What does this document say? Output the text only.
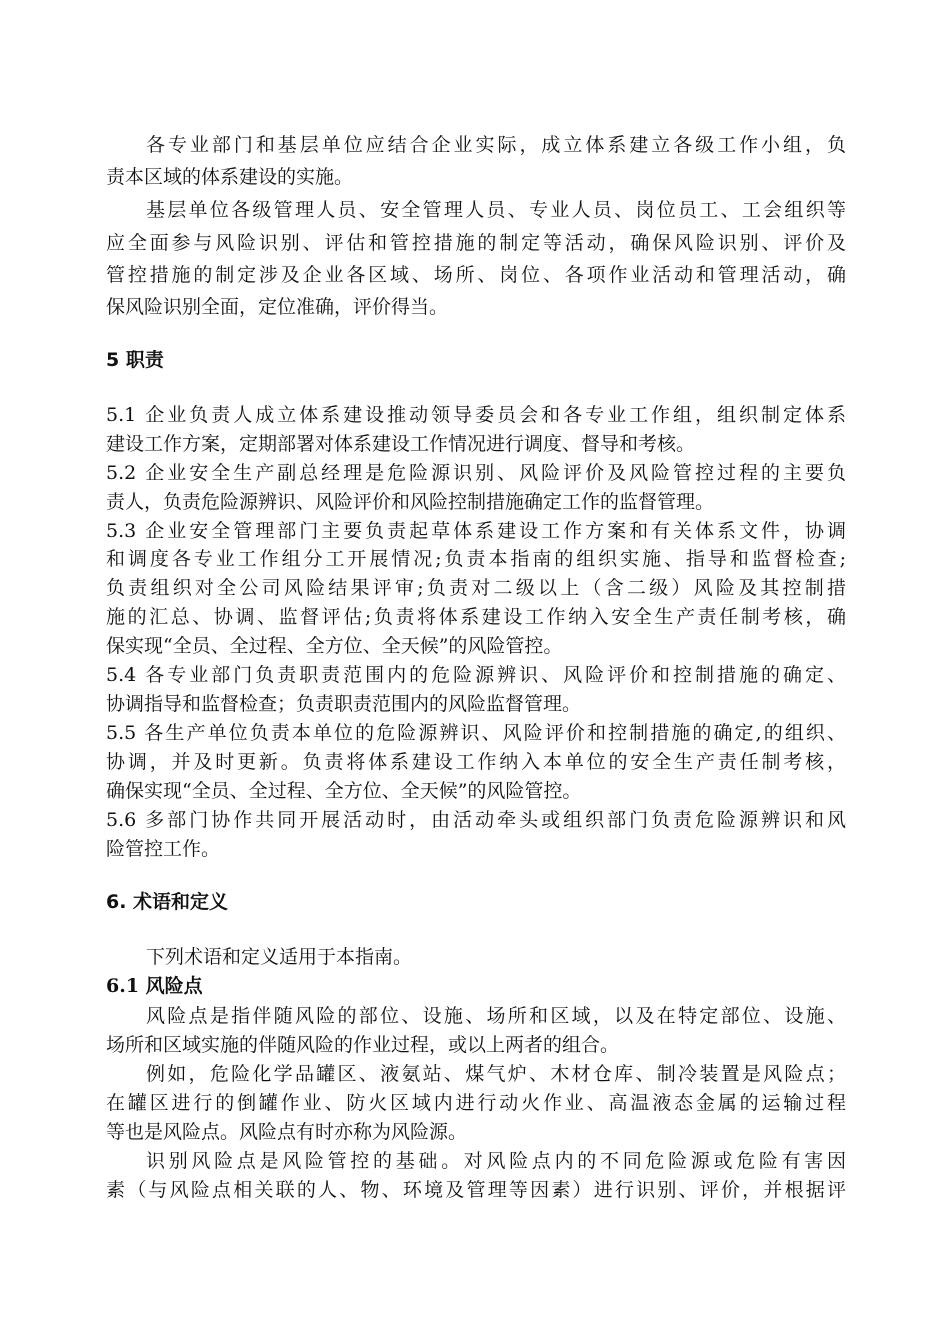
各专业部门和基层单位应结合企业实际，成立体系建立各级工作小组，负
责本区域的体系建设的实施。
基层单位各级管理人员、安全管理人员、专业人员、岗位员工、工会组织等
应全面参与风险识别、评估和管控措施的制定等活动，确保风险识别、评价及
管控措施的制定涉及企业各区域、场所、岗位、各项作业活动和管理活动，确
保风险识别全面，定位准确，评价得当。
5 职责
5.1 企业负责人成立体系建设推动领导委员会和各专业工作组，组织制定体系
建设工作方案，定期部署对体系建设工作情况进行调度、督导和考核。
5.2 企业安全生产副总经理是危险源识别、风险评价及风险管控过程的主要负
责人，负责危险源辨识、风险评价和风险控制措施确定工作的监督管理。
5.3 企业安全管理部门主要负责起草体系建设工作方案和有关体系文件，协调
和调度各专业工作组分工开展情况;负责本指南的组织实施、指导和监督检查;
负责组织对全公司风险结果评审;负责对二级以上（含二级）风险及其控制措
施的汇总、协调、监督评估;负责将体系建设工作纳入安全生产责任制考核，确
保实现“全员、全过程、全方位、全天候”的风险管控。
5.4 各专业部门负责职责范围内的危险源辨识、风险评价和控制措施的确定、
协调指导和监督检查；负责职责范围内的风险监督管理。
5.5 各生产单位负责本单位的危险源辨识、风险评价和控制措施的确定,的组织、
协调，并及时更新。负责将体系建设工作纳入本单位的安全生产责任制考核，
确保实现“全员、全过程、全方位、全天候”的风险管控。
5.6 多部门协作共同开展活动时，由活动牵头或组织部门负责危险源辨识和风
险管控工作。
6. 术语和定义
下列术语和定义适用于本指南。
6.1 风险点
风险点是指伴随风险的部位、设施、场所和区域，以及在特定部位、设施、
场所和区域实施的伴随风险的作业过程，或以上两者的组合。
例如，危险化学品罐区、液氨站、煤气炉、木材仓库、制冷装置是风险点；
在罐区进行的倒罐作业、防火区域内进行动火作业、高温液态金属的运输过程
等也是风险点。风险点有时亦称为风险源。
识别风险点是风险管控的基础。对风险点内的不同危险源或危险有害因
素（与风险点相关联的人、物、环境及管理等因素）进行识别、评价，并根据评
